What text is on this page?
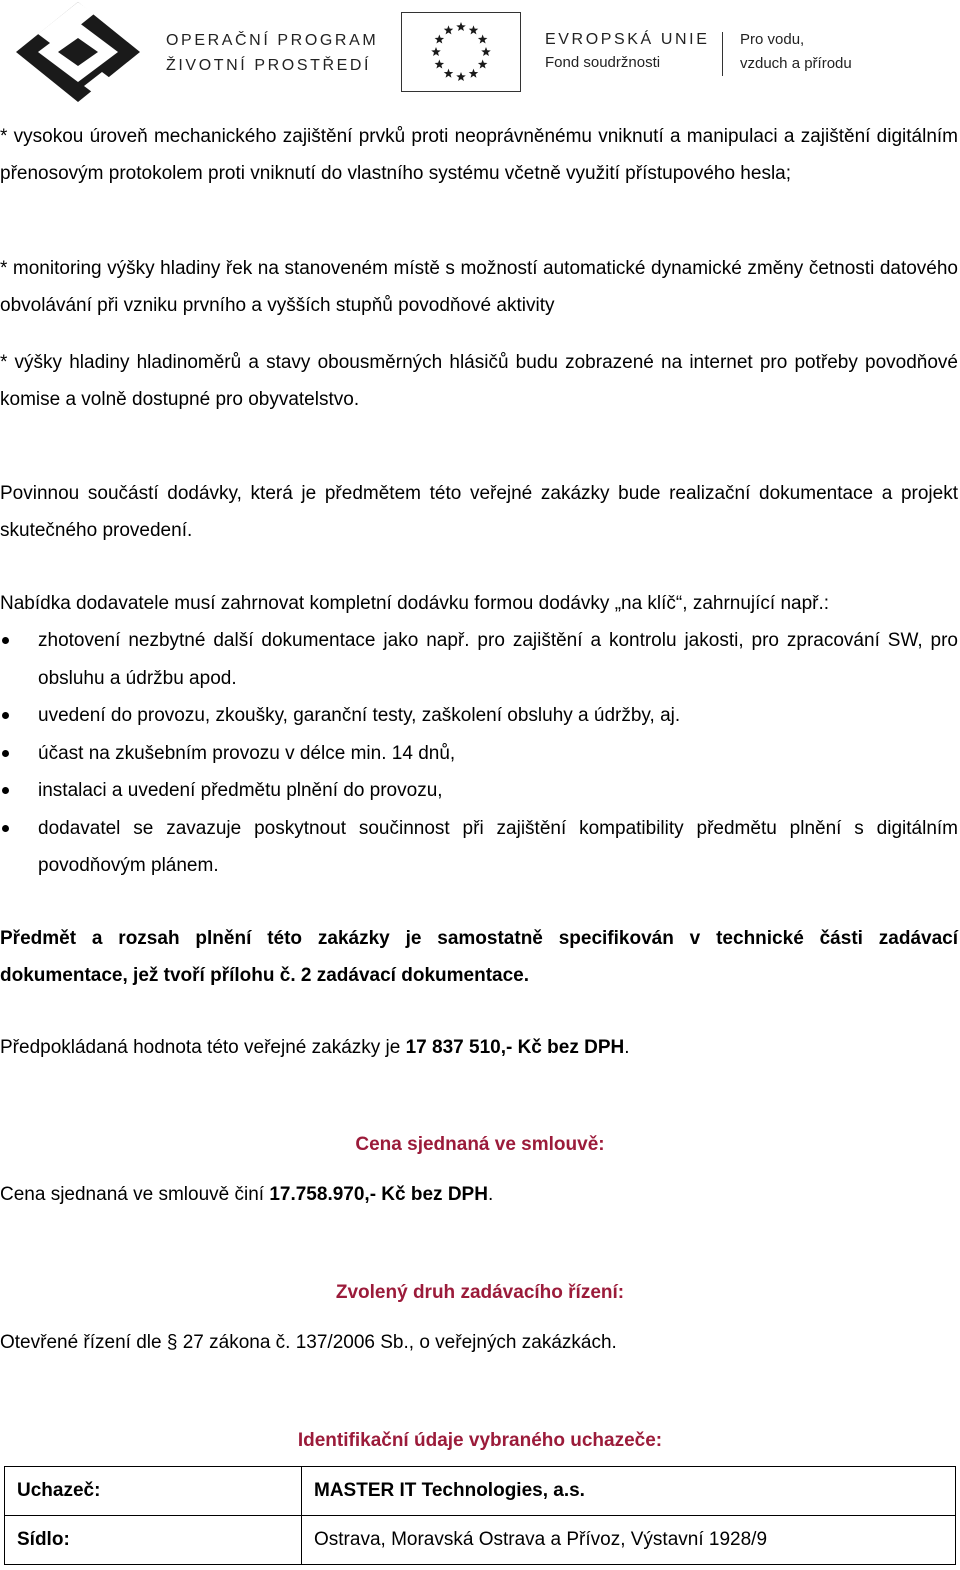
OPERAČNÍ PROGRAM
ŽIVOTNÍ PROSTŘEDÍ
EVROPSKÁ UNIE
Fond soudržnosti
Pro vodu,
vzduch a přírodu

* vysokou úroveň mechanického zajištění prvků proti neoprávněnému vniknutí a manipulaci a zajištění digitálním přenosovým protokolem proti vniknutí do vlastního systému včetně využití přístupového hesla;

* monitoring výšky hladiny řek na stanoveném místě s možností automatické dynamické změny četnosti datového obvolávání při vzniku prvního a vyšších stupňů povodňové aktivity

* výšky hladiny hladinoměrů a stavy obousměrných hlásičů budu zobrazené na internet pro potřeby povodňové komise a volně dostupné pro obyvatelstvo.

Povinnou součástí dodávky, která je předmětem této veřejné zakázky bude realizační dokumentace a projekt skutečného provedení.

Nabídka dodavatele musí zahrnovat kompletní dodávku formou dodávky „na klíč“, zahrnující např.:

zhotovení nezbytné další dokumentace jako např. pro zajištění a kontrolu jakosti, pro zpracování SW, pro obsluhu a údržbu apod.
uvedení do provozu, zkoušky, garanční testy, zaškolení obsluhy a údržby, aj.
účast na zkušebním provozu v délce min. 14 dnů,
instalaci a uvedení předmětu plnění do provozu,
dodavatel se zavazuje poskytnout součinnost při zajištění kompatibility předmětu plnění s digitálním povodňovým plánem.

Předmět a rozsah plnění této zakázky je samostatně specifikován v technické části zadávací dokumentace, jež tvoří přílohu č. 2 zadávací dokumentace.

Předpokládaná hodnota této veřejné zakázky je 17 837 510,- Kč bez DPH.

Cena sjednaná ve smlouvě:

Cena sjednaná ve smlouvě činí 17.758.970,- Kč bez DPH.

Zvolený druh zadávacího řízení:

Otevřené řízení dle § 27 zákona č. 137/2006 Sb., o veřejných zakázkách.

Identifikační údaje vybraného uchazeče:
Uchazeč:	MASTER IT Technologies, a.s.
Sídlo:	Ostrava, Moravská Ostrava a Přívoz, Výstavní 1928/9
